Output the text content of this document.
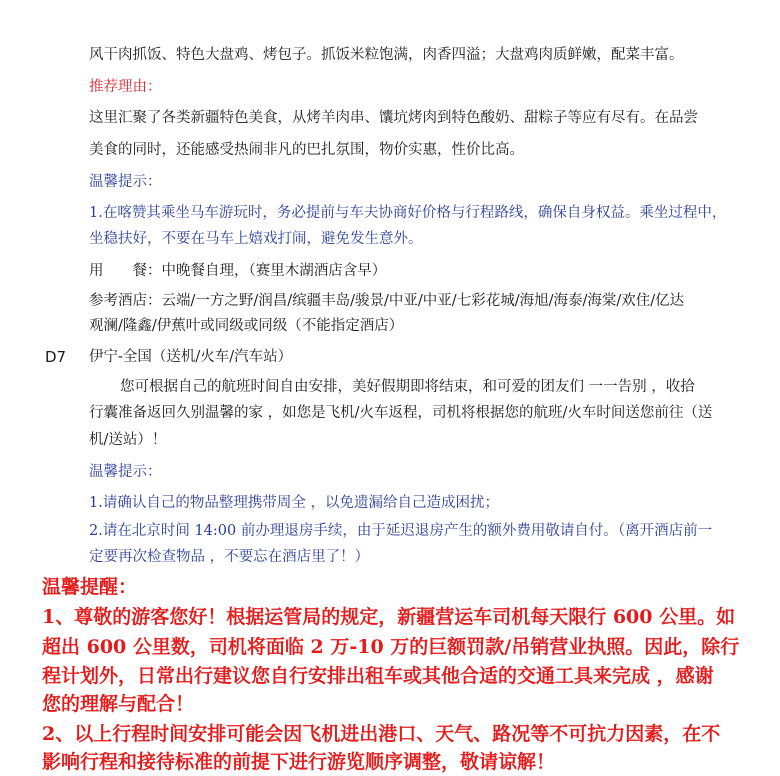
风干肉抓饭、特色大盘鸡、烤包子。抓饭米粒饱满，肉香四溢；大盘鸡肉质鲜嫩，配菜丰富。
推荐理由：
这里汇聚了各类新疆特色美食，从烤羊肉串、馕坑烤肉到特色酸奶、甜粽子等应有尽有。在品尝
美食的同时，还能感受热闹非凡的巴扎氛围，物价实惠，性价比高。
温馨提示：
1.在喀赞其乘坐马车游玩时，务必提前与车夫协商好价格与行程路线，确保自身权益。乘坐过程中，
坐稳扶好，不要在马车上嬉戏打闹，避免发生意外。
用　　餐：中晚餐自理，（赛里木湖酒店含早）
参考酒店：云端/一方之野/润昌/缤疆丰岛/骏景/中亚/中亚/七彩花城/海旭/海泰/海棠/欢住/亿达
观澜/隆鑫/伊蕉叶或同级或同级（不能指定酒店）
D7 伊宁-全国（送机/火车/汽车站）
您可根据自己的航班时间自由安排，美好假期即将结束，和可爱的团友们 一一告别 ，收拾
行囊准备返回久别温馨的家 ，如您是飞机/火车返程，司机将根据您的航班/火车时间送您前往（送
机/送站）！
温馨提示：
1.请确认自己的物品整理携带周全 ，以免遗漏给自己造成困扰；
2.请在北京时间 14:00 前办理退房手续，由于延迟退房产生的额外费用敬请自付。（离开酒店前一
定要再次检查物品 ，不要忘在酒店里了！）
温馨提醒：
1、尊敬的游客您好！根据运管局的规定，新疆营运车司机每天限行 600 公里。如
超出 600 公里数，司机将面临 2 万-10 万的巨额罚款/吊销营业执照。因此，除行
程计划外，日常出行建议您自行安排出租车或其他合适的交通工具来完成 ，感谢
您的理解与配合！
2、以上行程时间安排可能会因飞机进出港口、天气、路况等不可抗力因素，在不
影响行程和接待标准的前提下进行游览顺序调整，敬请谅解！
